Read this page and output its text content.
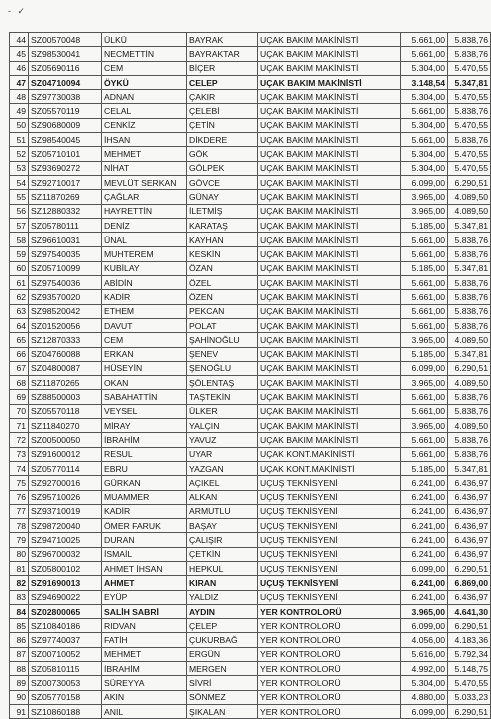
- ✓
44	SZ00570048	ÜLKÜ	BAYRAK	UÇAK BAKIM MAKİNİSTİ	5.661,00	5.838,76
45	SZ98530041	NECMETTİN	BAYRAKTAR	UÇAK BAKIM MAKİNİSTİ	5.661,00	5.838,76
46	SZ05690116	CEM	BİÇER	UÇAK BAKIM MAKİNİSTİ	5.304,00	5.470,55
47	SZ04710094	ÖYKÜ	CELEP	UÇAK BAKIM MAKİNİSTİ	3.148,54	5.347,81
48	SZ97730038	ADNAN	ÇAKIR	UÇAK BAKIM MAKİNİSTİ	5.304,00	5.470,55
49	SZ05570119	CELAL	ÇELEBİ	UÇAK BAKIM MAKİNİSTİ	5.661,00	5.838,76
50	SZ90680009	CENKİZ	ÇETİN	UÇAK BAKIM MAKİNİSTİ	5.304,00	5.470,55
51	SZ98540045	İHSAN	DİKDERE	UÇAK BAKIM MAKİNİSTİ	5.661,00	5.838,76
52	SZ05710101	MEHMET	GÖK	UÇAK BAKIM MAKİNİSTİ	5.304,00	5.470,55
53	SZ93690272	NİHAT	GÖLPEK	UÇAK BAKIM MAKİNİSTİ	5.304,00	5.470,55
54	SZ92710017	MEVLÜT SERKAN	GÖVCE	UÇAK BAKIM MAKİNİSTİ	6.099,00	6.290,51
55	SZ11870269	ÇAĞLAR	GÜNAY	UÇAK BAKIM MAKİNİSTİ	3.965,00	4.089,50
56	SZ12880332	HAYRETTİN	İLETMİŞ	UÇAK BAKIM MAKİNİSTİ	3.965,00	4.089,50
57	SZ05780111	DENİZ	KARATAŞ	UÇAK BAKIM MAKİNİSTİ	5.185,00	5.347,81
58	SZ96610031	ÜNAL	KAYHAN	UÇAK BAKIM MAKİNİSTİ	5.661,00	5.838,76
59	SZ97540035	MUHTEREM	KESKİN	UÇAK BAKIM MAKİNİSTİ	5.661,00	5.838,76
60	SZ05710099	KUBİLAY	ÖZAN	UÇAK BAKIM MAKİNİSTİ	5.185,00	5.347,81
61	SZ97540036	ABİDİN	ÖZEL	UÇAK BAKIM MAKİNİSTİ	5.661,00	5.838,76
62	SZ93570020	KADİR	ÖZEN	UÇAK BAKIM MAKİNİSTİ	5.661,00	5.838,76
63	SZ98520042	ETHEM	PEKCAN	UÇAK BAKIM MAKİNİSTİ	5.661,00	5.838,76
64	SZ01520056	DAVUT	POLAT	UÇAK BAKIM MAKİNİSTİ	5.661,00	5.838,76
65	SZ12870333	CEM	ŞAHİNOĞLU	UÇAK BAKIM MAKİNİSTİ	3.965,00	4.089,50
66	SZ04760088	ERKAN	ŞENEV	UÇAK BAKIM MAKİNİSTİ	5.185,00	5.347,81
67	SZ04800087	HÜSEYİN	ŞENOĞLU	UÇAK BAKIM MAKİNİSTİ	6.099,00	6.290,51
68	SZ11870265	OKAN	ŞÖLENTAŞ	UÇAK BAKIM MAKİNİSTİ	3.965,00	4.089,50
69	SZ88500003	SABAHATTİN	TAŞTEKİN	UÇAK BAKIM MAKİNİSTİ	5.661,00	5.838,76
70	SZ05570118	VEYSEL	ÜLKER	UÇAK BAKIM MAKİNİSTİ	5.661,00	5.838,76
71	SZ11840270	MİRAY	YALÇIN	UÇAK BAKIM MAKİNİSTİ	3.965,00	4.089,50
72	SZ00500050	İBRAHİM	YAVUZ	UÇAK BAKIM MAKİNİSTİ	5.661,00	5.838,76
73	SZ91600012	RESUL	UYAR	UÇAK KONT.MAKİNİSTİ	5.661,00	5.838,76
74	SZ05770114	EBRU	YAZGAN	UÇAK KONT.MAKİNİSTİ	5.185,00	5.347,81
75	SZ92700016	GÜRKAN	AÇIKEL	UÇUŞ TEKNİSYENİ	6.241,00	6.436,97
76	SZ95710026	MUAMMER	ALKAN	UÇUŞ TEKNİSYENİ	6.241,00	6.436,97
77	SZ93710019	KADİR	ARMUTLU	UÇUŞ TEKNİSYENİ	6.241,00	6.436,97
78	SZ98720040	ÖMER FARUK	BAŞAY	UÇUŞ TEKNİSYENİ	6.241,00	6.436,97
79	SZ94710025	DURAN	ÇALIŞIR	UÇUŞ TEKNİSYENİ	6.241,00	6.436,97
80	SZ96700032	İSMAİL	ÇETKİN	UÇUŞ TEKNİSYENİ	6.241,00	6.436,97
81	SZ05800102	AHMET İHSAN	HEPKUL	UÇUŞ TEKNİSYENİ	6.099,00	6.290,51
82	SZ91690013	AHMET	KIRAN	UÇUŞ TEKNİSYENİ	6.241,00	6.869,00
83	SZ94690022	EYÜP	YALDIZ	UÇUŞ TEKNİSYENİ	6.241,00	6.436,97
84	SZ02800065	SALİH SABRİ	AYDIN	YER KONTROLORÜ	3.965,00	4.641,30
85	SZ10840186	RIDVAN	ÇELEP	YER KONTROLORÜ	6.099,00	6.290,51
86	SZ97740037	FATİH	ÇUKURBAĞ	YER KONTROLORÜ	4.056,00	4.183,36
87	SZ00710052	MEHMET	ERGÜN	YER KONTROLORÜ	5.616,00	5.792,34
88	SZ05810115	İBRAHİM	MERGEN	YER KONTROLORÜ	4.992,00	5.148,75
89	SZ00730053	SÜREYYA	SİVRİ	YER KONTROLORÜ	5.304,00	5.470,55
90	SZ05770158	AKIN	SÖNMEZ	YER KONTROLORÜ	4.880,00	5.033,23
91	SZ10860188	ANIL	ŞIKALAN	YER KONTROLORÜ	6.099,00	6.290,51
